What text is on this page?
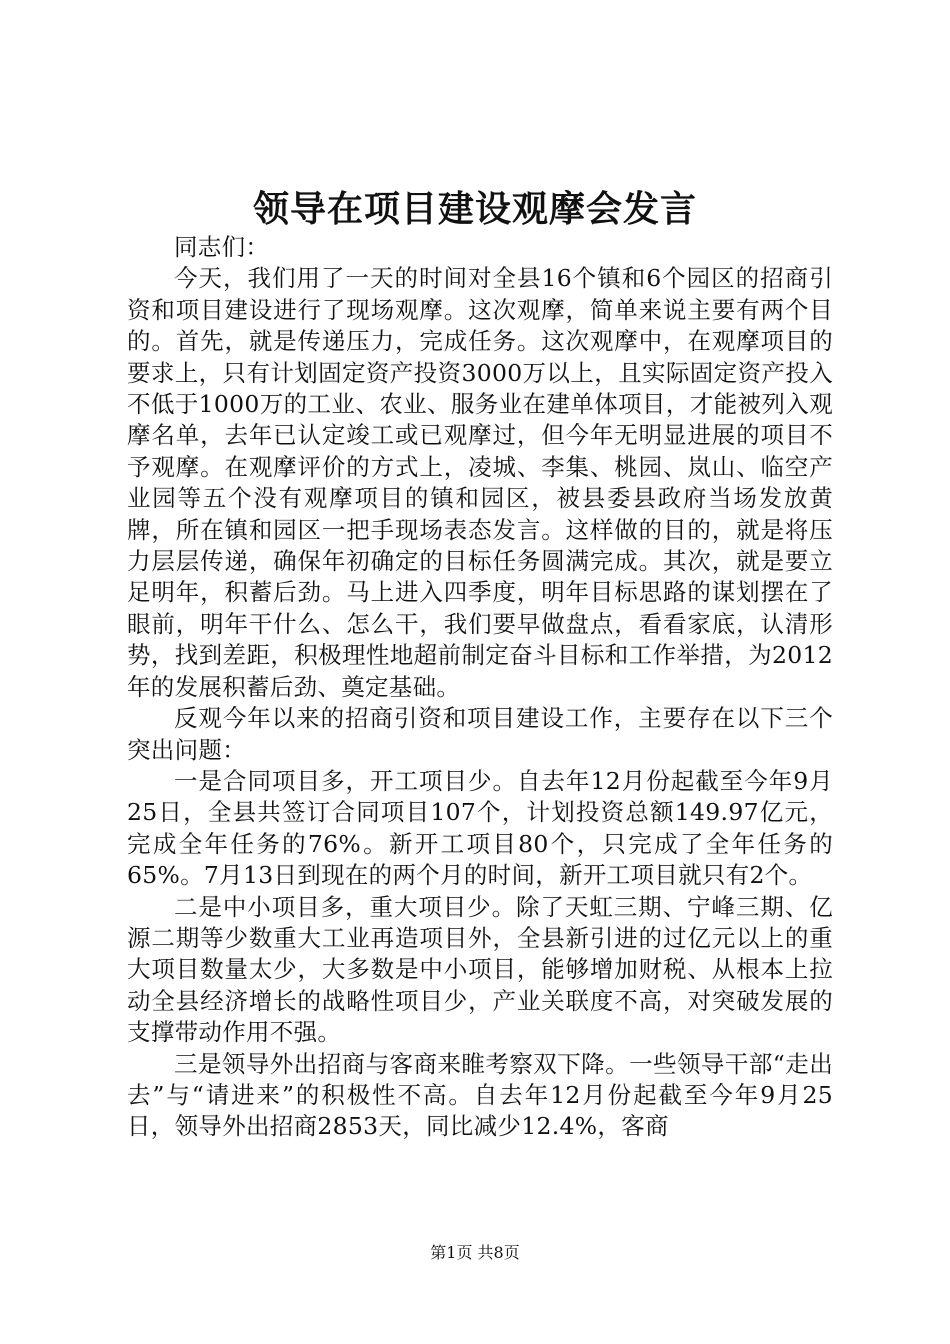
领导在项目建设观摩会发言

同志们：

今天，我们用了一天的时间对全县16个镇和6个园区的招商引资和项目建设进行了现场观摩。这次观摩，简单来说主要有两个目的。首先，就是传递压力，完成任务。这次观摩中，在观摩项目的要求上，只有计划固定资产投资3000万以上，且实际固定资产投入不低于1000万的工业、农业、服务业在建单体项目，才能被列入观摩名单，去年已认定竣工或已观摩过，但今年无明显进展的项目不予观摩。在观摩评价的方式上，凌城、李集、桃园、岚山、临空产业园等五个没有观摩项目的镇和园区，被县委县政府当场发放黄牌，所在镇和园区一把手现场表态发言。这样做的目的，就是将压力层层传递，确保年初确定的目标任务圆满完成。其次，就是要立足明年，积蓄后劲。马上进入四季度，明年目标思路的谋划摆在了眼前，明年干什么、怎么干，我们要早做盘点，看看家底，认清形势，找到差距，积极理性地超前制定奋斗目标和工作举措，为2012年的发展积蓄后劲、奠定基础。

反观今年以来的招商引资和项目建设工作，主要存在以下三个突出问题：

一是合同项目多，开工项目少。自去年12月份起截至今年9月25日，全县共签订合同项目107个，计划投资总额149.97亿元，完成全年任务的76%。新开工项目80个，只完成了全年任务的65%。7月13日到现在的两个月的时间，新开工项目就只有2个。

二是中小项目多，重大项目少。除了天虹三期、宁峰三期、亿源二期等少数重大工业再造项目外，全县新引进的过亿元以上的重大项目数量太少，大多数是中小项目，能够增加财税、从根本上拉动全县经济增长的战略性项目少，产业关联度不高，对突破发展的支撑带动作用不强。

三是领导外出招商与客商来睢考察双下降。一些领导干部“走出去”与“请进来”的积极性不高。自去年12月份起截至今年9月25日，领导外出招商2853天，同比减少12.4%，客商

第1页 共8页
